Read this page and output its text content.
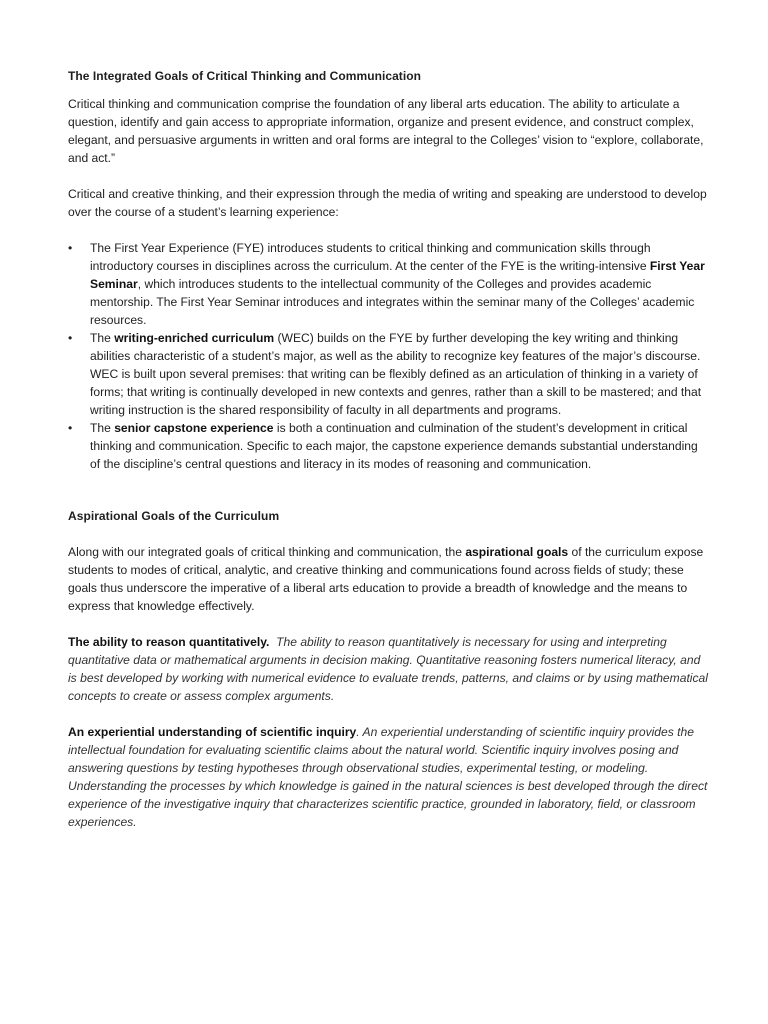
The Integrated Goals of Critical Thinking and Communication

Critical thinking and communication comprise the foundation of any liberal arts education. The ability to articulate a question, identify and gain access to appropriate information, organize and present evidence, and construct complex, elegant, and persuasive arguments in written and oral forms are integral to the Colleges’ vision to “explore, collaborate, and act.”

Critical and creative thinking, and their expression through the media of writing and speaking are understood to develop over the course of a student’s learning experience:

•	The First Year Experience (FYE) introduces students to critical thinking and communication skills through introductory courses in disciplines across the curriculum. At the center of the FYE is the writing-intensive First Year Seminar, which introduces students to the intellectual community of the Colleges and provides academic mentorship. The First Year Seminar introduces and integrates within the seminar many of the Colleges’ academic resources.
•	The writing-enriched curriculum (WEC) builds on the FYE by further developing the key writing and thinking abilities characteristic of a student’s major, as well as the ability to recognize key features of the major’s discourse. WEC is built upon several premises: that writing can be flexibly defined as an articulation of thinking in a variety of forms; that writing is continually developed in new contexts and genres, rather than a skill to be mastered; and that writing instruction is the shared responsibility of faculty in all departments and programs.
•	The senior capstone experience is both a continuation and culmination of the student’s development in critical thinking and communication. Specific to each major, the capstone experience demands substantial understanding of the discipline’s central questions and literacy in its modes of reasoning and communication.
Aspirational Goals of the Curriculum

Along with our integrated goals of critical thinking and communication, the aspirational goals of the curriculum expose students to modes of critical, analytic, and creative thinking and communications found across fields of study; these goals thus underscore the imperative of a liberal arts education to provide a breadth of knowledge and the means to express that knowledge effectively.

The ability to reason quantitatively. The ability to reason quantitatively is necessary for using and interpreting quantitative data or mathematical arguments in decision making. Quantitative reasoning fosters numerical literacy, and is best developed by working with numerical evidence to evaluate trends, patterns, and claims or by using mathematical concepts to create or assess complex arguments.

An experiential understanding of scientific inquiry. An experiential understanding of scientific inquiry provides the intellectual foundation for evaluating scientific claims about the natural world. Scientific inquiry involves posing and answering questions by testing hypotheses through observational studies, experimental testing, or modeling. Understanding the processes by which knowledge is gained in the natural sciences is best developed through the direct experience of the investigative inquiry that characterizes scientific practice, grounded in laboratory, field, or classroom experiences.
